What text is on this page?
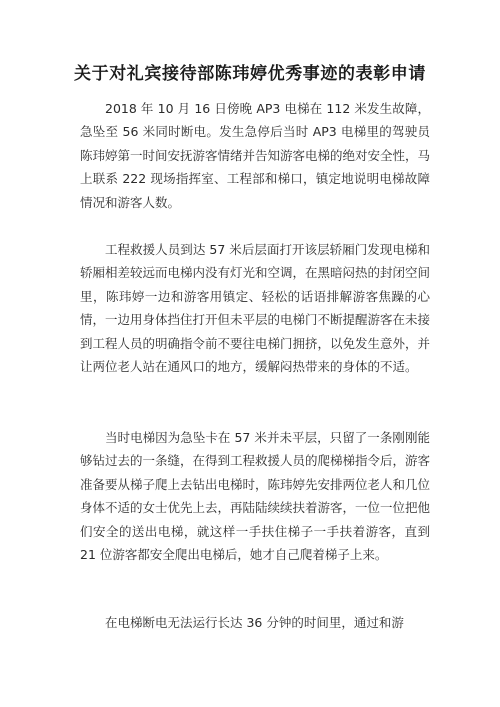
关于对礼宾接待部陈玮婷优秀事迹的表彰申请

2018 年 10 月 16 日傍晚 AP3 电梯在 112 米发生故障，急坠至 56 米同时断电。发生急停后当时 AP3 电梯里的驾驶员陈玮婷第一时间安抚游客情绪并告知游客电梯的绝对安全性，马上联系 222 现场指挥室、工程部和梯口，镇定地说明电梯故障情况和游客人数。

工程救援人员到达 57 米后层面打开该层轿厢门发现电梯和轿厢相差较远而电梯内没有灯光和空调，在黑暗闷热的封闭空间里，陈玮婷一边和游客用镇定、轻松的话语排解游客焦躁的心情，一边用身体挡住打开但未平层的电梯门不断提醒游客在未接到工程人员的明确指令前不要往电梯门拥挤，以免发生意外，并让两位老人站在通风口的地方，缓解闷热带来的身体的不适。

当时电梯因为急坠卡在 57 米并未平层，只留了一条刚刚能够钻过去的一条缝，在得到工程救援人员的爬梯梯指令后，游客准备要从梯子爬上去钻出电梯时，陈玮婷先安排两位老人和几位身体不适的女士优先上去，再陆陆续续扶着游客，一位一位把他们安全的送出电梯，就这样一手扶住梯子一手扶着游客，直到 21 位游客都安全爬出电梯后，她才自己爬着梯子上来。

在电梯断电无法运行长达 36 分钟的时间里，通过和游
